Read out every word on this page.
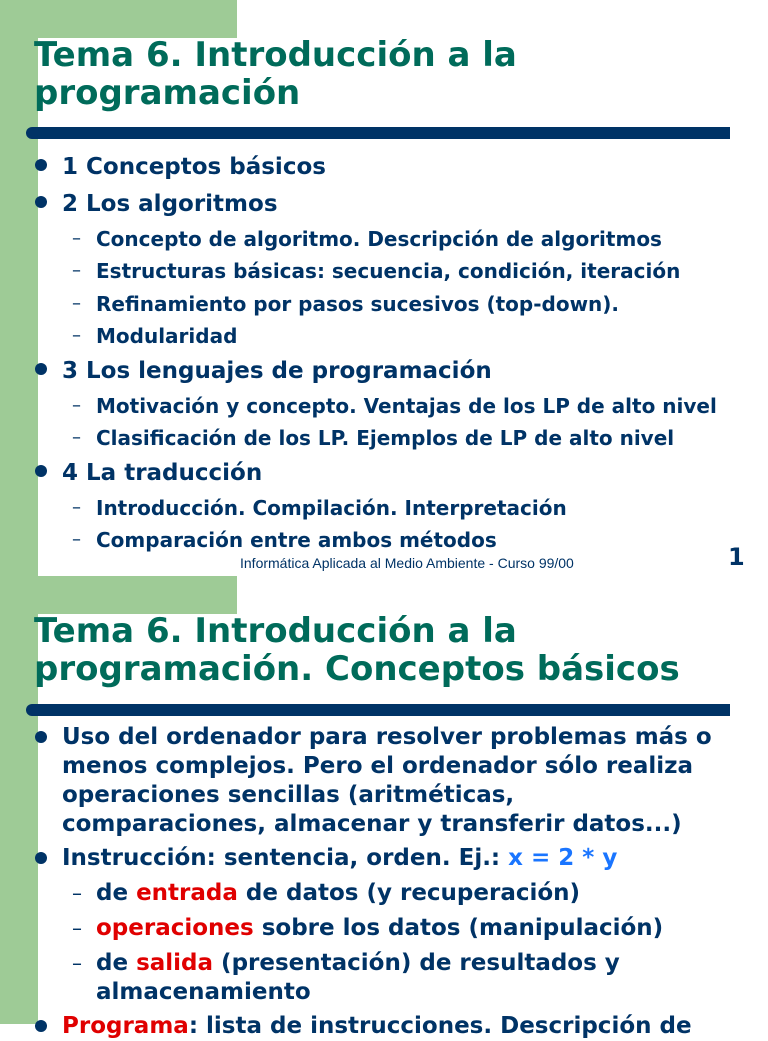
Tema 6. Introducción a la
programación
1 Conceptos básicos
2 Los algoritmos
– Concepto de algoritmo. Descripción de algoritmos
– Estructuras básicas: secuencia, condición, iteración
– Refinamiento por pasos sucesivos (top-down).
– Modularidad
3 Los lenguajes de programación
– Motivación y concepto. Ventajas de los LP de alto nivel
– Clasificación de los LP. Ejemplos de LP de alto nivel
4 La traducción
– Introducción. Compilación. Interpretación
– Comparación entre ambos métodos
Informática Aplicada al Medio Ambiente - Curso 99/00	1
Tema 6. Introducción a la
programación. Conceptos básicos
Uso del ordenador para resolver problemas más o menos complejos. Pero el ordenador sólo realiza operaciones sencillas (aritméticas, comparaciones, almacenar y transferir datos...)
Instrucción: sentencia, orden. Ej.: x = 2 * y
– de entrada de datos (y recuperación)
– operaciones sobre los datos (manipulación)
– de salida (presentación) de resultados y almacenamiento
Programa: lista de instrucciones. Descripción de
